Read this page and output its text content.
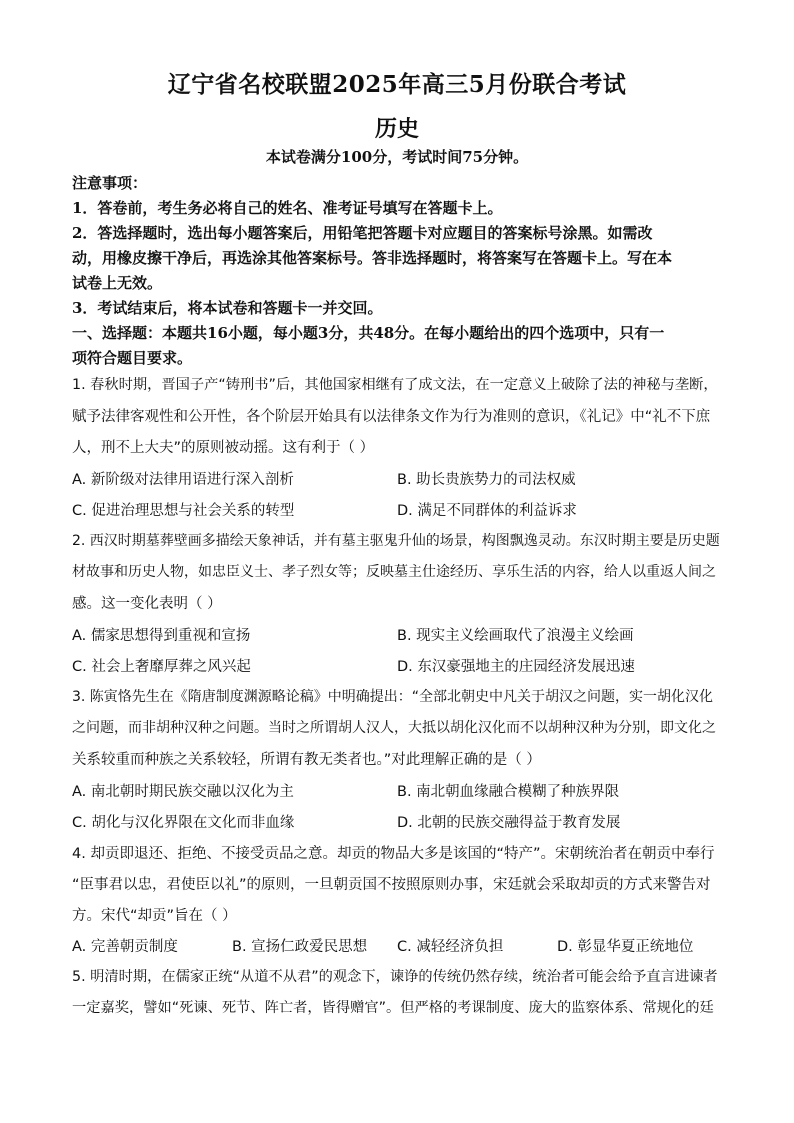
辽宁省名校联盟2025年高三5月份联合考试
历史
本试卷满分100分，考试时间75分钟。
注意事项：
1．答卷前，考生务必将自己的姓名、准考证号填写在答题卡上。
2．答选择题时，选出每小题答案后，用铅笔把答题卡对应题目的答案标号涂黑。如需改
动，用橡皮擦干净后，再选涂其他答案标号。答非选择题时，将答案写在答题卡上。写在本
试卷上无效。
3．考试结束后，将本试卷和答题卡一并交回。
一、选择题：本题共16小题，每小题3分，共48分。在每小题给出的四个选项中，只有一
项符合题目要求。
1. 春秋时期，晋国子产“铸刑书”后，其他国家相继有了成文法，在一定意义上破除了法的神秘与垄断，
赋予法律客观性和公开性，各个阶层开始具有以法律条文作为行为准则的意识，《礼记》中“礼不下庶
人，刑不上大夫”的原则被动摇。这有利于（ ）
A. 新阶级对法律用语进行深入剖析	B. 助长贵族势力的司法权威
C. 促进治理思想与社会关系的转型	D. 满足不同群体的利益诉求
2. 西汉时期墓葬壁画多描绘天象神话，并有墓主驱鬼升仙的场景，构图飘逸灵动。东汉时期主要是历史题
材故事和历史人物，如忠臣义士、孝子烈女等；反映墓主仕途经历、享乐生活的内容，给人以重返人间之
感。这一变化表明（ ）
A. 儒家思想得到重视和宣扬	B. 现实主义绘画取代了浪漫主义绘画
C. 社会上奢靡厚葬之风兴起	D. 东汉豪强地主的庄园经济发展迅速
3. 陈寅恪先生在《隋唐制度渊源略论稿》中明确提出：“全部北朝史中凡关于胡汉之问题，实一胡化汉化
之问题，而非胡种汉种之问题。当时之所谓胡人汉人，大抵以胡化汉化而不以胡种汉种为分别，即文化之
关系较重而种族之关系较轻，所谓有教无类者也。”对此理解正确的是（ ）
A. 南北朝时期民族交融以汉化为主	B. 南北朝血缘融合模糊了种族界限
C. 胡化与汉化界限在文化而非血缘	D. 北朝的民族交融得益于教育发展
4. 却贡即退还、拒绝、不接受贡品之意。却贡的物品大多是该国的“特产”。宋朝统治者在朝贡中奉行
“臣事君以忠，君使臣以礼”的原则，一旦朝贡国不按照原则办事，宋廷就会采取却贡的方式来警告对
方。宋代“却贡”旨在（ ）
A. 完善朝贡制度	B. 宣扬仁政爱民思想 C. 减轻经济负担	D. 彰显华夏正统地位
5. 明清时期，在儒家正统“从道不从君”的观念下，谏诤的传统仍然存续，统治者可能会给予直言进谏者
一定嘉奖，譬如“死谏、死节、阵亡者，皆得赠官”。但严格的考课制度、庞大的监察体系、常规化的廷
